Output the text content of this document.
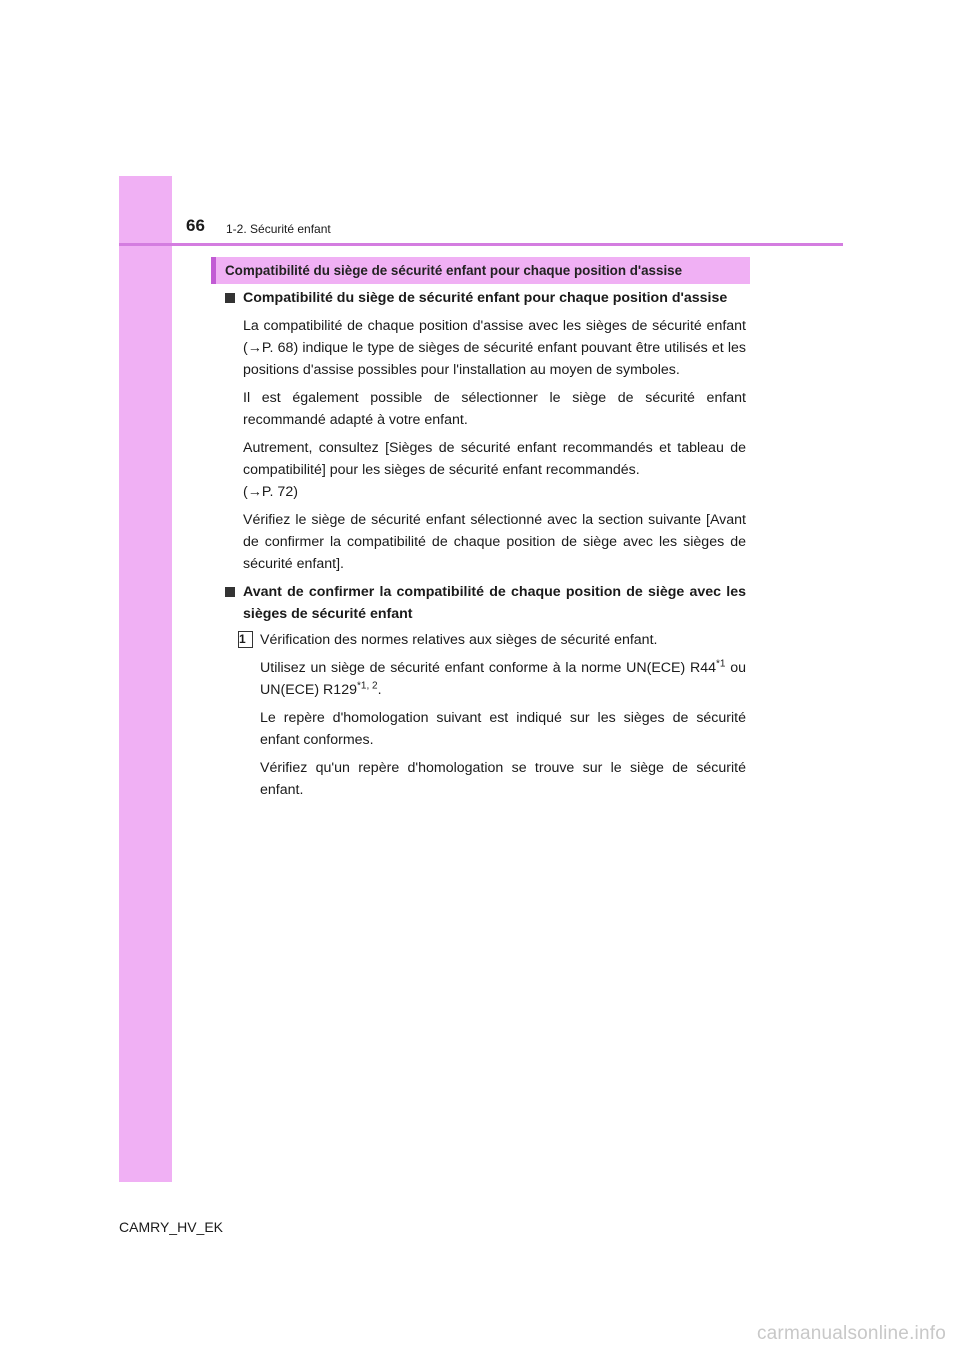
66 1-2. Sécurité enfant
Compatibilité du siège de sécurité enfant pour chaque position d'assise
Compatibilité du siège de sécurité enfant pour chaque position d'assise
La compatibilité de chaque position d'assise avec les sièges de sécurité enfant (→P. 68) indique le type de sièges de sécurité enfant pouvant être utilisés et les positions d'assise possibles pour l'installation au moyen de symboles.
Il est également possible de sélectionner le siège de sécurité enfant recommandé adapté à votre enfant.
Autrement, consultez [Sièges de sécurité enfant recommandés et tableau de compatibilité] pour les sièges de sécurité enfant recommandés.
(→P. 72)
Vérifiez le siège de sécurité enfant sélectionné avec la section suivante [Avant de confirmer la compatibilité de chaque position de siège avec les sièges de sécurité enfant].
Avant de confirmer la compatibilité de chaque position de siège avec les sièges de sécurité enfant
1	Vérification des normes relatives aux sièges de sécurité enfant.
Utilisez un siège de sécurité enfant conforme à la norme UN(ECE) R44$^{*1}$ ou UN(ECE) R129$^{*1, 2}$.
Le repère d'homologation suivant est indiqué sur les sièges de sécurité enfant conformes.
Vérifiez qu'un repère d'homologation se trouve sur le siège de sécurité enfant.
CAMRY_HV_EK
carmanualsonline.info
